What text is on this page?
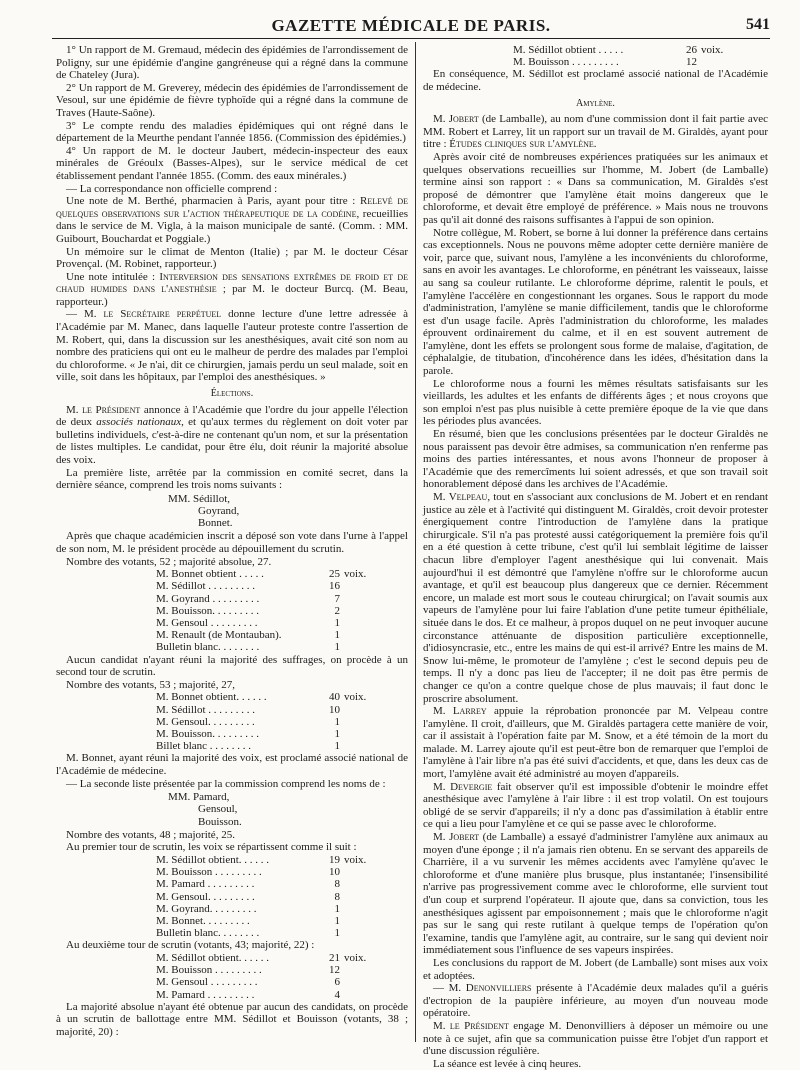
GAZETTE MÉDICALE DE PARIS.	541

1° Un rapport de M. Gremaud, médecin des épidémies de l'arrondissement de Poligny, sur une épidémie d'angine gangréneuse qui a régné dans la commune de Chateley (Jura).

2° Un rapport de M. Greverey, médecin des épidémies de l'arrondissement de Vesoul, sur une épidémie de fièvre typhoïde qui a régné dans la commune de Traves (Haute-Saône).

3° Le compte rendu des maladies épidémiques qui ont régné dans le département de la Meurthe pendant l'année 1856. (Commission des épidémies.)

4° Un rapport de M. le docteur Jaubert, médecin-inspecteur des eaux minérales de Gréoulx (Basses-Alpes), sur le service médical de cet établissement pendant l'année 1855. (Comm. des eaux minérales.)

— La correspondance non officielle comprend :

Une note de M. Berthé, pharmacien à Paris, ayant pour titre : Relevé de quelques observations sur l'action thérapeutique de la codéine, recueillies dans le service de M. Vigla, à la maison municipale de santé. (Comm. : MM. Guibourt, Bouchardat et Poggiale.)

Un mémoire sur le climat de Menton (Italie) ; par M. le docteur César Provençal. (M. Robinet, rapporteur.)

Une note intitulée : Interversion des sensations extrêmes de froid et de chaud humides dans l'anesthésie ; par M. le docteur Burcq. (M. Beau, rapporteur.)

— M. le Secrétaire perpétuel donne lecture d'une lettre adressée à l'Académie par M. Manec, dans laquelle l'auteur proteste contre l'assertion de M. Robert, qui, dans la discussion sur les anesthésiques, avait cité son nom au nombre des praticiens qui ont eu le malheur de perdre des malades par l'emploi du chloroforme. « Je n'ai, dit ce chirurgien, jamais perdu un seul malade, soit en ville, soit dans les hôpitaux, par l'emploi des anesthésiques. »

Élections.

M. le Président annonce à l'Académie que l'ordre du jour appelle l'élection de deux associés nationaux, et qu'aux termes du règlement on doit voter par bulletins individuels, c'est-à-dire ne contenant qu'un nom, et sur la présentation de listes multiples. Le candidat, pour être élu, doit réunir la majorité absolue des voix.

La première liste, arrêtée par la commission en comité secret, dans la dernière séance, comprend les trois noms suivants :

MM. Sédillot,
Goyrand,
Bonnet.

Après que chaque académicien inscrit a déposé son vote dans l'urne à l'appel de son nom, M. le président procède au dépouillement du scrutin.

Nombre des votants, 52 ; majorité absolue, 27.

M. Bonnet obtient . . . . .	25	voix.
M. Sédillot . . . . . . . . .	16	
M. Goyrand . . . . . . . . .	7	
M. Bouisson. . . . . . . . .	2	
M. Gensoul . . . . . . . . .	1	
M. Renault (de Montauban).	1	
Bulletin blanc. . . . . . . .	1	

Aucun candidat n'ayant réuni la majorité des suffrages, on procède à un second tour de scrutin.

Nombre des votants, 53 ; majorité, 27,

M. Bonnet obtient. . . . . .	40	voix.
M. Sédillot . . . . . . . . .	10	
M. Gensoul. . . . . . . . .	1	
M. Bouisson. . . . . . . . .	1	
Billet blanc . . . . . . . .	1	

M. Bonnet, ayant réuni la majorité des voix, est proclamé associé national de l'Académie de médecine.

— La seconde liste présentée par la commission comprend les noms de :

MM. Pamard,
Gensoul,
Bouisson.

Nombre des votants, 48 ; majorité, 25.

Au premier tour de scrutin, les voix se répartissent comme il suit :

M. Sédillot obtient. . . . . .	19	voix.
M. Bouisson . . . . . . . . .	10	
M. Pamard . . . . . . . . .	8	
M. Gensoul. . . . . . . . .	8	
M. Goyrand. . . . . . . . .	1	
M. Bonnet. . . . . . . . .	1	
Bulletin blanc. . . . . . . .	1	

Au deuxième tour de scrutin (votants, 43; majorité, 22) :

M. Sédillot obtient. . . . . .	21	voix.
M. Bouisson . . . . . . . . .	12	
M. Gensoul . . . . . . . . .	6	
M. Pamard . . . . . . . . .	4	

La majorité absolue n'ayant été obtenue par aucun des candidats, on procède à un scrutin de ballottage entre MM. Sédillot et Bouisson (votants, 38 ; majorité, 20) :

M. Sédillot obtient . . . . .	26	voix.
M. Bouisson . . . . . . . . .	12	

En conséquence, M. Sédillot est proclamé associé national de l'Académie de médecine.

Amylène.

M. Jobert (de Lamballe), au nom d'une commission dont il fait partie avec MM. Robert et Larrey, lit un rapport sur un travail de M. Giraldès, ayant pour titre : Études cliniques sur l'amylène.

Après avoir cité de nombreuses expériences pratiquées sur les animaux et quelques observations recueillies sur l'homme, M. Jobert (de Lamballe) termine ainsi son rapport : « Dans sa communication, M. Giraldès s'est proposé de démontrer que l'amylène était moins dangereux que le chloroforme, et devait être employé de préférence. » Mais nous ne trouvons pas qu'il ait donné des raisons suffisantes à l'appui de son opinion.

Notre collègue, M. Robert, se borne à lui donner la préférence dans certains cas exceptionnels. Nous ne pouvons même adopter cette dernière manière de voir, parce que, suivant nous, l'amylène a les inconvénients du chloroforme, sans en avoir les avantages. Le chloroforme, en pénétrant les vaisseaux, laisse au sang sa couleur rutilante. Le chloroforme déprime, ralentit le pouls, et l'amylène l'accélère en congestionnant les organes. Sous le rapport du mode d'administration, l'amylène se manie difficilement, tandis que le chloroforme est d'un usage facile. Après l'administration du chloroforme, les malades éprouvent ordinairement du calme, et il en est souvent autrement de l'amylène, dont les effets se prolongent sous forme de malaise, d'agitation, de céphalalgie, de titubation, d'incohérence dans les idées, d'hésitation dans la parole.

Le chloroforme nous a fourni les mêmes résultats satisfaisants sur les vieillards, les adultes et les enfants de différents âges ; et nous croyons que son emploi n'est pas plus nuisible à cette première époque de la vie que dans les périodes plus avancées.

En résumé, bien que les conclusions présentées par le docteur Giraldès ne nous paraissent pas devoir être admises, sa communication n'en renferme pas moins des parties intéressantes, et nous avons l'honneur de proposer à l'Académie que des remercîments lui soient adressés, et que son travail soit honorablement déposé dans les archives de l'Académie.

M. Velpeau, tout en s'associant aux conclusions de M. Jobert et en rendant justice au zèle et à l'activité qui distinguent M. Giraldès, croit devoir protester énergiquement contre l'introduction de l'amylène dans la pratique chirurgicale. S'il n'a pas protesté aussi catégoriquement la première fois qu'il en a été question à cette tribune, c'est qu'il lui semblait légitime de laisser chacun libre d'employer l'agent anesthésique qui lui convenait. Mais aujourd'hui il est démontré que l'amylène n'offre sur le chloroforme aucun avantage, et qu'il est beaucoup plus dangereux que ce dernier. Récemment encore, un malade est mort sous le couteau chirurgical; on l'avait soumis aux vapeurs de l'amylène pour lui faire l'ablation d'une petite tumeur épithéliale, située dans le dos. Et ce malheur, à propos duquel on ne peut invoquer aucune circonstance atténuante de disposition particulière exceptionnelle, d'idiosyncrasie, etc., entre les mains de qui est-il arrivé? Entre les mains de M. Snow lui-même, le promoteur de l'amylène ; c'est le second depuis peu de temps. Il n'y a donc pas lieu de l'accepter; il ne doit pas être permis de changer ce qu'on a contre quelque chose de plus mauvais; il faut donc le proscrire absolument.

M. Larrey appuie la réprobation prononcée par M. Velpeau contre l'amylène. Il croit, d'ailleurs, que M. Giraldès partagera cette manière de voir, car il assistait à l'opération faite par M. Snow, et a été témoin de la mort du malade. M. Larrey ajoute qu'il est peut-être bon de remarquer que l'emploi de l'amylène à l'air libre n'a pas été suivi d'accidents, et que, dans les deux cas de mort, l'amylène avait été administré au moyen d'appareils.

M. Devergie fait observer qu'il est impossible d'obtenir le moindre effet anesthésique avec l'amylène à l'air libre : il est trop volatil. On est toujours obligé de se servir d'appareils; il n'y a donc pas d'assimilation à établir entre ce qui a lieu pour l'amylène et ce qui se passe avec le chloroforme.

M. Jobert (de Lamballe) a essayé d'administrer l'amylène aux animaux au moyen d'une éponge ; il n'a jamais rien obtenu. En se servant des appareils de Charrière, il a vu survenir les mêmes accidents avec l'amylène qu'avec le chloroforme et d'une manière plus brusque, plus instantanée; l'insensibilité n'arrive pas progressivement comme avec le chloroforme, elle survient tout d'un coup et surprend l'opérateur. Il ajoute que, dans sa conviction, tous les anesthésiques agissent par empoisonnement ; mais que le chloroforme n'agit pas sur le sang qui reste rutilant à quelque temps de l'opération qu'on l'examine, tandis que l'amylène agit, au contraire, sur le sang qui devient noir immédiatement sous l'influence de ses vapeurs inspirées.

Les conclusions du rapport de M. Jobert (de Lamballe) sont mises aux voix et adoptées.

— M. Denonvilliers présente à l'Académie deux malades qu'il a guéris d'ectropion de la paupière inférieure, au moyen d'un nouveau mode opératoire.

M. le Président engage M. Denonvilliers à déposer un mémoire ou une note à ce sujet, afin que sa communication puisse être l'objet d'un rapport et d'une discussion régulière.

La séance est levée à cinq heures.
